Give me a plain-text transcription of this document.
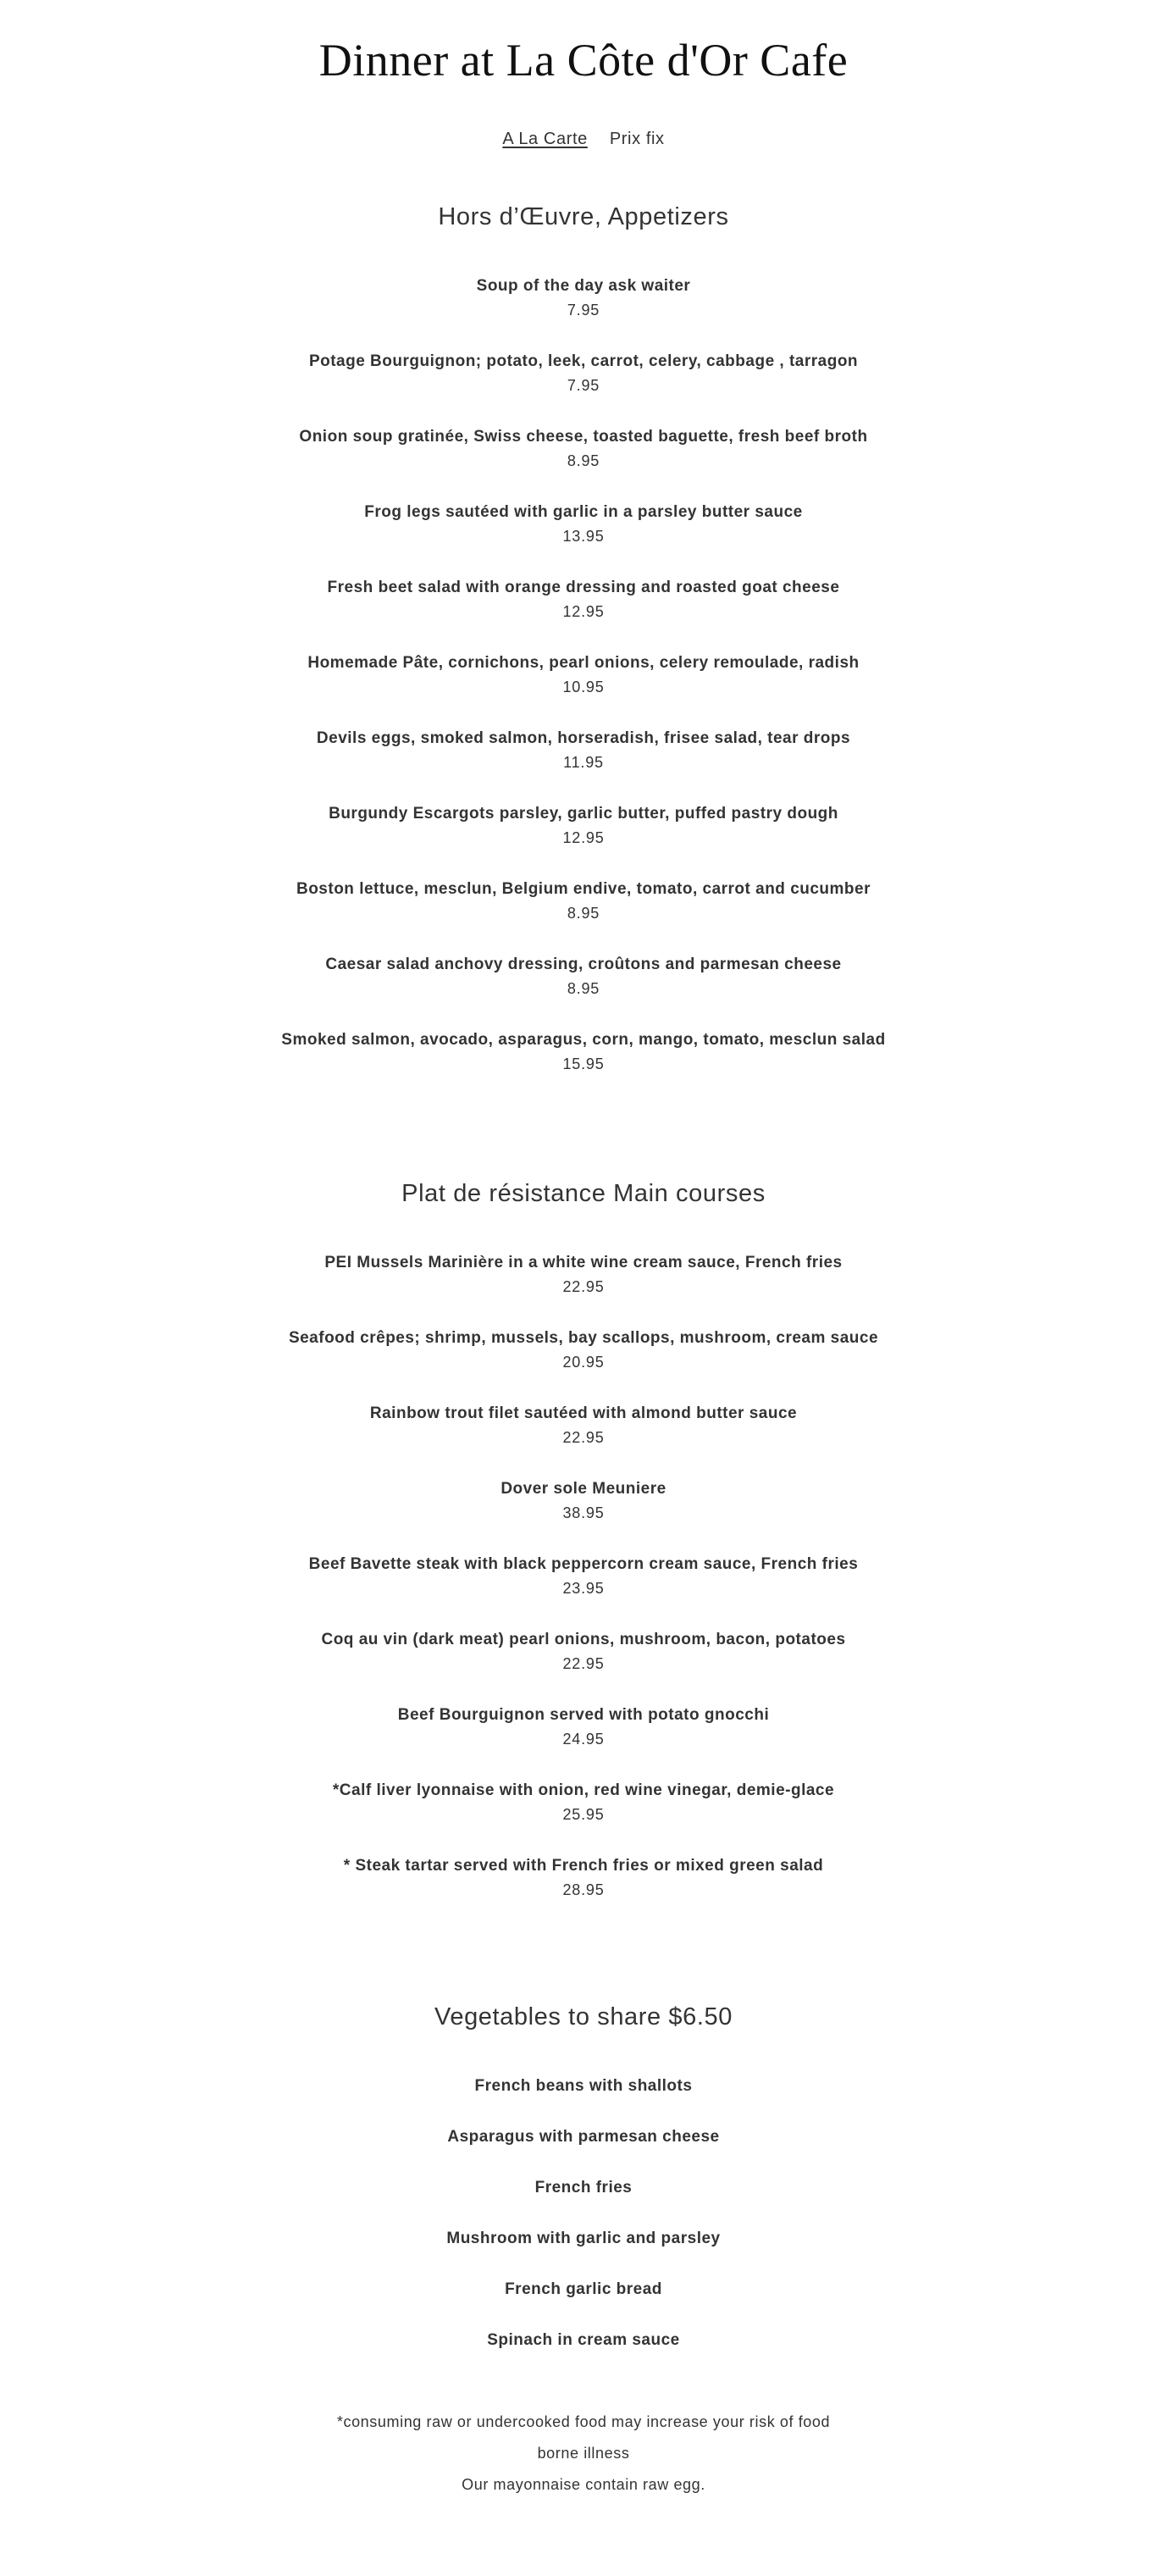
Dinner at La Côte d'Or Cafe
A La Carte Prix fix
Hors d’Œuvre, Appetizers
Soup of the day ask waiter
7.95
Potage Bourguignon; potato, leek, carrot, celery, cabbage , tarragon
7.95
Onion soup gratinée, Swiss cheese, toasted baguette, fresh beef broth
8.95
Frog legs sautéed with garlic in a parsley butter sauce
13.95
Fresh beet salad with orange dressing and roasted goat cheese
12.95
Homemade Pâte, cornichons, pearl onions, celery remoulade, radish
10.95
Devils eggs, smoked salmon, horseradish, frisee salad, tear drops
11.95
Burgundy Escargots parsley, garlic butter, puffed pastry dough
12.95
Boston lettuce, mesclun, Belgium endive, tomato, carrot and cucumber
8.95
Caesar salad anchovy dressing, croûtons and parmesan cheese
8.95
Smoked salmon, avocado, asparagus, corn, mango, tomato, mesclun salad
15.95
Plat de résistance Main courses
PEI Mussels Marinière in a white wine cream sauce, French fries
22.95
Seafood crêpes; shrimp, mussels, bay scallops, mushroom, cream sauce
20.95
Rainbow trout filet sautéed with almond butter sauce
22.95
Dover sole Meuniere
38.95
Beef Bavette steak with black peppercorn cream sauce, French fries
23.95
Coq au vin (dark meat) pearl onions, mushroom, bacon, potatoes
22.95
Beef Bourguignon served with potato gnocchi
24.95
*Calf liver lyonnaise with onion, red wine vinegar, demie-glace
25.95
* Steak tartar served with French fries or mixed green salad
28.95
Vegetables to share $6.50
French beans with shallots
Asparagus with parmesan cheese
French fries
Mushroom with garlic and parsley
French garlic bread
Spinach in cream sauce

*consuming raw or undercooked food may increase your risk of food

borne illness

Our mayonnaise contain raw egg.
